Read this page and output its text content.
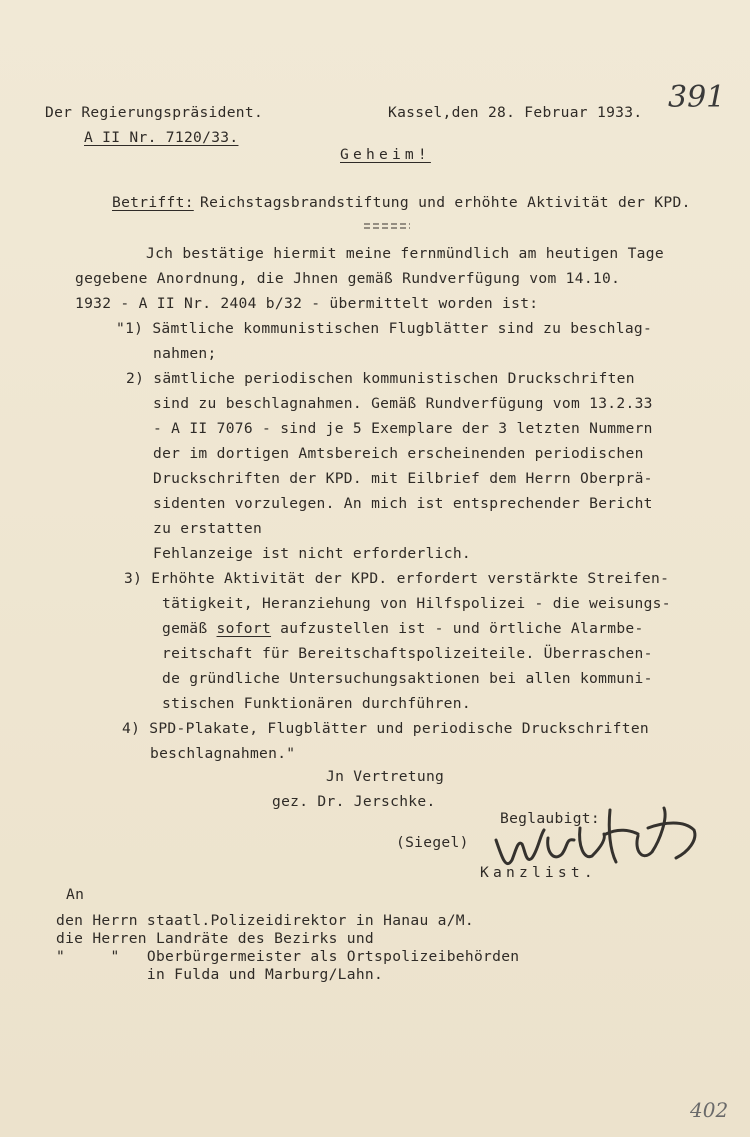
Der Regierungspräsident.
A II Nr. 7120/33.
Kassel,den 28. Februar 1933. 391
Geheim!
Betrifft: Reichstagsbrandstiftung und erhöhte Aktivität der KPD.
Jch bestätige hiermit meine fernmündlich am heutigen Tage
gegebene Anordnung, die Jhnen gemäß Rundverfügung vom 14.10.
1932 - A II Nr. 2404 b/32 - übermittelt worden ist:
"1) Sämtliche kommunistischen Flugblätter sind zu beschlag-
nahmen;
2) sämtliche periodischen kommunistischen Druckschriften
sind zu beschlagnahmen. Gemäß Rundverfügung vom 13.2.33
- A II 7076 - sind je 5 Exemplare der 3 letzten Nummern
der im dortigen Amtsbereich erscheinenden periodischen
Druckschriften der KPD. mit Eilbrief dem Herrn Oberprä-
sidenten vorzulegen. An mich ist entsprechender Bericht
zu erstatten
Fehlanzeige ist nicht erforderlich.
3) Erhöhte Aktivität der KPD. erfordert verstärkte Streifen-
tätigkeit, Heranziehung von Hilfspolizei - die weisungs-
gemäß sofort aufzustellen ist - und örtliche Alarmbe-
reitschaft für Bereitschaftspolizeiteile. Überraschen-
de gründliche Untersuchungsaktionen bei allen kommuni-
stischen Funktionären durchführen.
4) SPD-Plakate, Flugblätter und periodische Druckschriften
beschlagnahmen."
Jn Vertretung
gez. Dr. Jerschke.
Beglaubigt:
(Siegel)
Wickert
Kanzlist.
An
den Herrn staatl.Polizeidirektor in Hanau a/M.
die Herren Landräte des Bezirks und
"     "   Oberbürgermeister als Ortspolizeibehörden
in Fulda und Marburg/Lahn.
402
